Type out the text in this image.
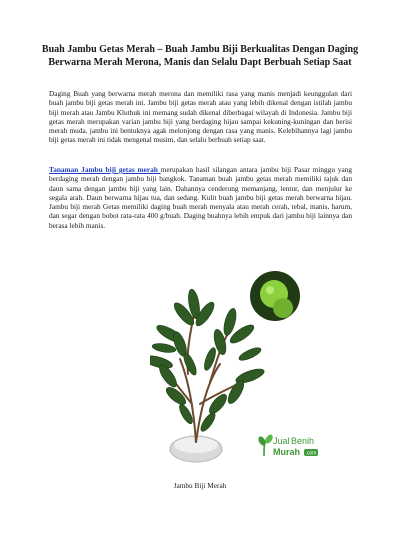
Buah Jambu Getas Merah – Buah Jambu Biji Berkualitas Dengan Daging Berwarna Merah Merona, Manis dan Selalu Dapt Berbuah Setiap Saat
Daging Buah yang berwarna merah merona dan memiliki rasa yang manis menjadi keunggulan dari buah jambu biji getas merah ini. Jambu biji getas merah atau yang lebih dikenal dengan istilah jambu biji merah atau Jambu Kluthuk ini memang sudah dikenal diberbagai wilayah di Indonesia. Jambu biji getas merah merupakan varian jambu biji yang berdaging hijau sampai kekuning-kuningan dan berisi merah muda. jambu ini bentuknya agak melonjong dengan rasa yang manis. Kelebihannya lagi jambu biji getas merah ini tidak mengenal musim, dan selalu berbuah setiap saat.
Tanaman Jambu biji getas merah merupakan hasil silangan antara jambu biji Pasar minggu yang berdaging merah dengan jambu biji bangkok. Tanaman buah jambu getas merah memiliki tajuk dan daun sama dengan jambu biji yang lain. Dahannya cenderung memanjang, lentur, dan menjulur ke segala arah. Daun berwarna hijau tua, dan sedang. Kulit buah jambu biji getas merah berwarna hijau. Jambu biji merah Getas memiliki daging buah merah menyala atau merah cerah, tebal, manis, harum, dan segar dengan bobot rata-rata 400 g/buah. Daging buahnya lebih empuk dari jambu biji lainnya dan berasa lebih manis.
Jual Benih
Murah .com
Jambu Biji Merah
